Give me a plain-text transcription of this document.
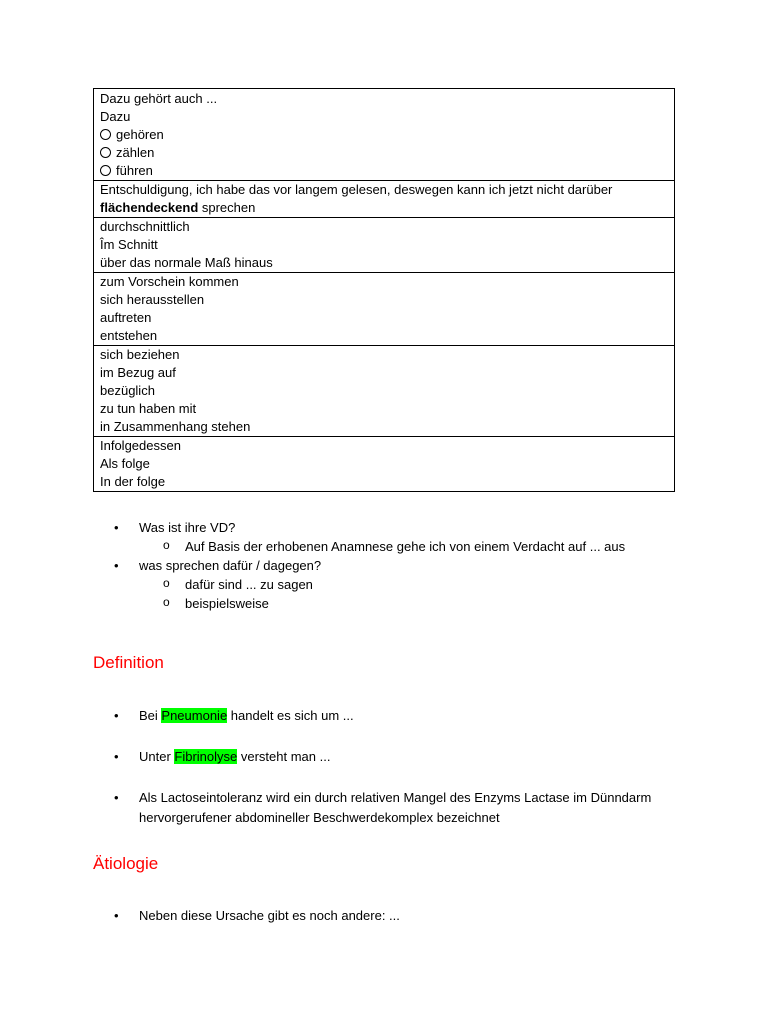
Dazu gehört auch ...
Dazu
gehören
zählen
führen

Entschuldigung, ich habe das vor langem gelesen, deswegen kann ich jetzt nicht darüber
flächendeckend sprechen

durchschnittlich
Îm Schnitt
über das normale Maß hinaus

zum Vorschein kommen
sich herausstellen
auftreten
entstehen

sich beziehen
im Bezug auf
bezüglich
zu tun haben mit
in Zusammenhang stehen

Infolgedessen
Als folge
In der folge
• Was ist ihre VD?
o Auf Basis der erhobenen Anamnese gehe ich von einem Verdacht auf ... aus
• was sprechen dafür / dagegen?
o dafür sind ... zu sagen
o beispielsweise
Definition
• Bei Pneumonie handelt es sich um ...
• Unter Fibrinolyse versteht man ...
• Als Lactoseintoleranz wird ein durch relativen Mangel des Enzyms Lactase im Dünndarm hervorgerufener abdomineller Beschwerdekomplex bezeichnet
Ätiologie
• Neben diese Ursache gibt es noch andere: ...
